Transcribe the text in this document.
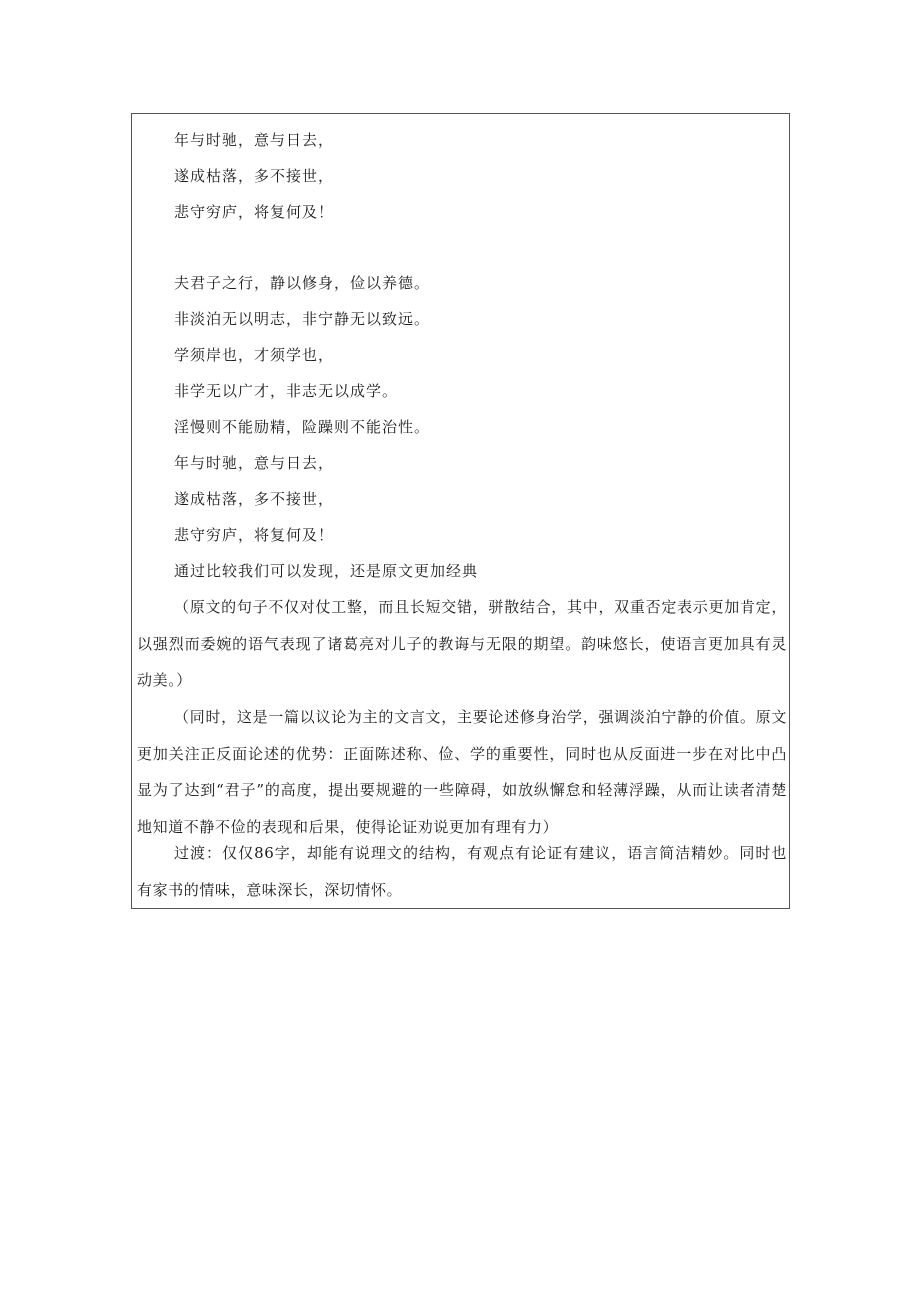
年与时驰，意与日去，
遂成枯落，多不接世，
悲守穷庐，将复何及！
夫君子之行，静以修身，俭以养德。
非淡泊无以明志，非宁静无以致远。
学须岸也，才须学也，
非学无以广才，非志无以成学。
淫慢则不能励精，险躁则不能治性。
年与时驰，意与日去，
遂成枯落，多不接世，
悲守穷庐，将复何及！
通过比较我们可以发现，还是原文更加经典
（原文的句子不仅对仗工整，而且长短交错，骈散结合，其中，双重否定表示更加肯定，以强烈而委婉的语气表现了诸葛亮对儿子的教诲与无限的期望。韵味悠长，使语言更加具有灵动美。）
（同时，这是一篇以议论为主的文言文，主要论述修身治学，强调淡泊宁静的价值。原文更加关注正反面论述的优势：正面陈述称、俭、学的重要性，同时也从反面进一步在对比中凸显为了达到“君子”的高度，提出要规避的一些障碍，如放纵懈怠和轻薄浮躁，从而让读者清楚地知道不静不俭的表现和后果，使得论证劝说更加有理有力）
过渡：仅仅86字，却能有说理文的结构，有观点有论证有建议，语言简洁精妙。同时也有家书的情味，意味深长，深切情怀。
